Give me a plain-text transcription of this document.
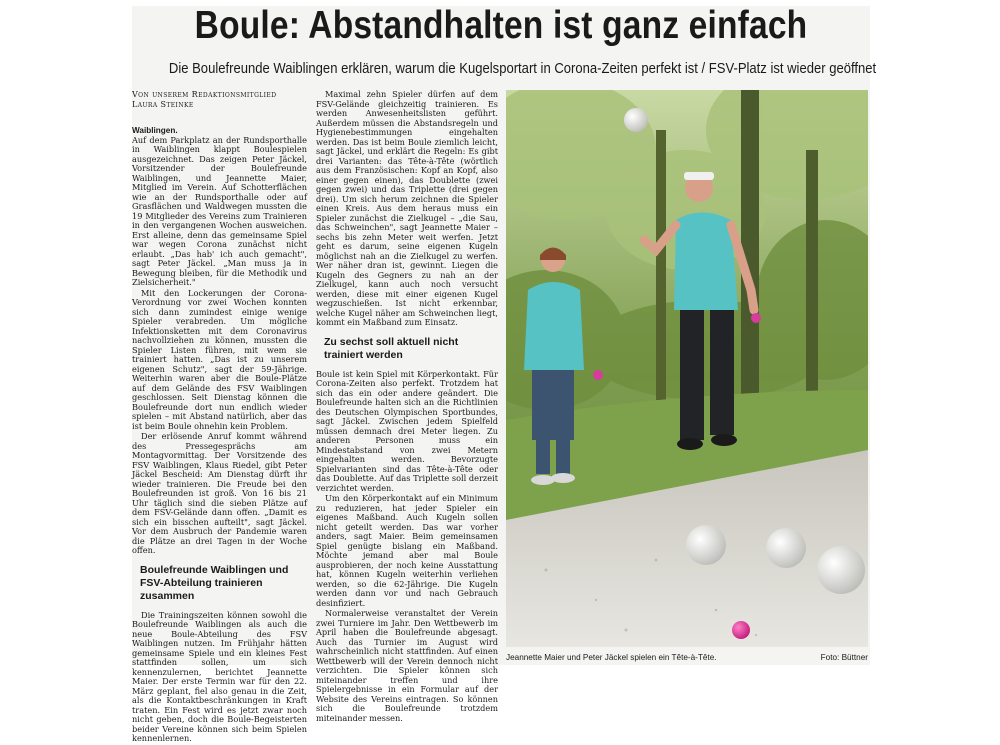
Boule: Abstandhalten ist ganz einfach
Die Boulefreunde Waiblingen erklären, warum die Kugelsportart in Corona-Zeiten perfekt ist / FSV-Platz ist wieder geöffnet
Von unserem Redaktionsmitglied
Laura Steinke

Waiblingen.
Auf dem Parkplatz an der Rundsporthalle in Waiblingen klappt Boulespielen ausgezeichnet. Das zeigen Peter Jäckel, Vorsitzender der Boulefreunde Waiblingen, und Jeannette Maier, Mitglied im Verein. Auf Schotterflächen wie an der Rundsporthalle oder auf Grasflächen und Waldwegen mussten die 19 Mitglieder des Vereins zum Trainieren in den vergangenen Wochen ausweichen. Erst alleine, denn das gemeinsame Spiel war wegen Corona zunächst nicht erlaubt. „Das hab' ich auch gemacht", sagt Peter Jäckel. „Man muss ja in Bewegung bleiben, für die Methodik und Zielsicherheit."

Mit den Lockerungen der Corona-Verordnung vor zwei Wochen konnten sich dann zumindest einige wenige Spieler verabreden. Um mögliche Infektionsketten mit dem Coronavirus nachvollziehen zu können, mussten die Spieler Listen führen, mit wem sie trainiert hatten. „Das ist zu unserem eigenen Schutz", sagt der 59-Jährige. Weiterhin waren aber die Boule-Plätze auf dem Gelände des FSV Waiblingen geschlossen. Seit Dienstag können die Boulefreunde dort nun endlich wieder spielen – mit Abstand natürlich, aber das ist beim Boule ohnehin kein Problem.

Der erlösende Anruf kommt während des Pressegesprächs am Montagvormittag. Der Vorsitzende des FSV Waiblingen, Klaus Riedel, gibt Peter Jäckel Bescheid: Am Dienstag dürft ihr wieder trainieren. Die Freude bei den Boulefreunden ist groß. Von 16 bis 21 Uhr täglich sind die sieben Plätze auf dem FSV-Gelände dann offen. „Damit es sich ein bisschen aufteilt", sagt Jäckel. Vor dem Ausbruch der Pandemie waren die Plätze an drei Tagen in der Woche offen.

Boulefreunde Waiblingen und FSV-Abteilung trainieren zusammen

Die Trainingszeiten können sowohl die Boulefreunde Waiblingen als auch die neue Boule-Abteilung des FSV Waiblingen nutzen. Im Frühjahr hätten gemeinsame Spiele und ein kleines Fest stattfinden sollen, um sich kennenzulernen, berichtet Jeannette Maier. Der erste Termin war für den 22. März geplant, fiel also genau in die Zeit, als die Kontaktbeschränkungen in Kraft traten. Ein Fest wird es jetzt zwar noch nicht geben, doch die Boule-Begeisterten beider Vereine können sich beim Spielen kennenlernen.

Maximal zehn Spieler dürfen auf dem FSV-Gelände gleichzeitig trainieren. Es werden Anwesenheitslisten geführt. Außerdem müssen die Abstandsregeln und Hygienebestimmungen eingehalten werden. Das ist beim Boule ziemlich leicht, sagt Jäckel, und erklärt die Regeln: Es gibt drei Varianten: das Tête-à-Tête (wörtlich aus dem Französischen: Kopf an Kopf, also einer gegen einen), das Doublette (zwei gegen zwei) und das Triplette (drei gegen drei). Um sich herum zeichnen die Spieler einen Kreis. Aus dem heraus muss ein Spieler zunächst die Zielkugel – „die Sau, das Schweinchen", sagt Jeannette Maier – sechs bis zehn Meter weit werfen. Jetzt geht es darum, seine eigenen Kugeln möglichst nah an die Zielkugel zu werfen. Wer näher dran ist, gewinnt. Liegen die Kugeln des Gegners zu nah an der Zielkugel, kann auch noch versucht werden, diese mit einer eigenen Kugel wegzuschießen. Ist nicht erkennbar, welche Kugel näher am Schweinchen liegt, kommt ein Maßband zum Einsatz.

Zu sechst soll aktuell nicht trainiert werden

Boule ist kein Spiel mit Körperkontakt. Für Corona-Zeiten also perfekt. Trotzdem hat sich das ein oder andere geändert. Die Boulefreunde halten sich an die Richtlinien des Deutschen Olympischen Sportbundes, sagt Jäckel. Zwischen jedem Spielfeld müssen demnach drei Meter liegen. Zu anderen Personen muss ein Mindestabstand von zwei Metern eingehalten werden. Bevorzugte Spielvarianten sind das Tête-à-Tête oder das Doublette. Auf das Triplette soll derzeit verzichtet werden.

Um den Körperkontakt auf ein Minimum zu reduzieren, hat jeder Spieler ein eigenes Maßband. Auch Kugeln sollen nicht geteilt werden. Das war vorher anders, sagt Maier. Beim gemeinsamen Spiel genügte bislang ein Maßband. Möchte jemand aber mal Boule ausprobieren, der noch keine Ausstattung hat, können Kugeln weiterhin verliehen werden, so die 62-Jährige. Die Kugeln werden dann vor und nach Gebrauch desinfiziert.

Normalerweise veranstaltet der Verein zwei Turniere im Jahr. Den Wettbewerb im April haben die Boulefreunde abgesagt. Auch das Turnier im August wird wahrscheinlich nicht stattfinden. Auf einen Wettbewerb will der Verein dennoch nicht verzichten. Die Spieler können sich miteinander treffen und ihre Spielergebnisse in ein Formular auf der Website des Vereins eintragen. So können sich die Boulefreunde trotzdem miteinander messen.

Jeannette Maier und Peter Jäckel spielen ein Tête-à-Tête.	Foto: Büttner
